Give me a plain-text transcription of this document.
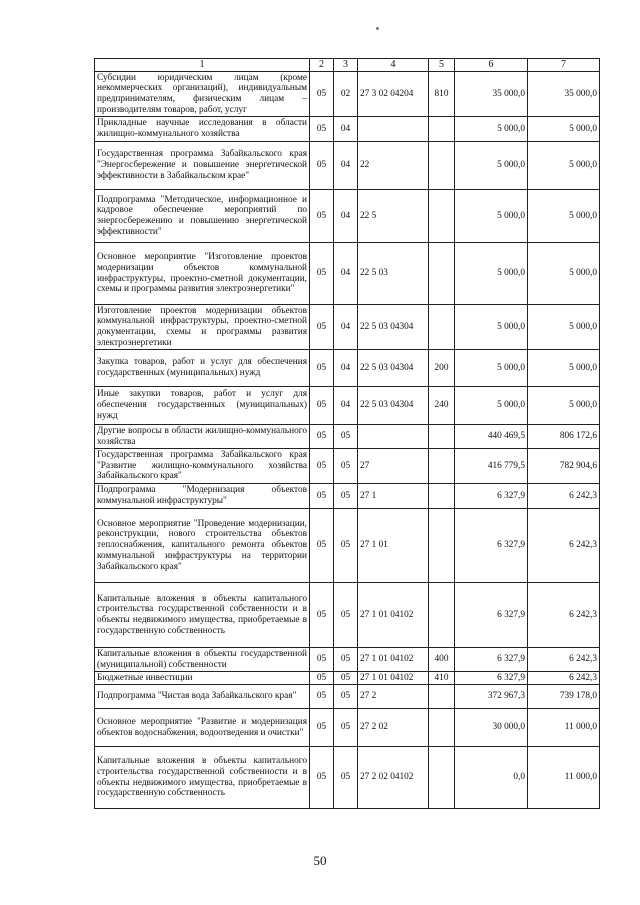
1	2	3	4	5	6	7
Субсидии юридическим лицам (кроме некоммерческих организаций), индивидуальным предпринимателям, физическим лицам – производителям товаров, работ, услуг	05	02	27 3 02 04204	810	35 000,0	35 000,0
Прикладные научные исследования в области жилищно-коммунального хозяйства	05	04			5 000,0	5 000,0
Государственная программа Забайкальского края "Энергосбережение и повышение энергетической эффективности в Забайкальском крае"	05	04	22		5 000,0	5 000,0
Подпрограмма "Методическое, информационное и кадровое обеспечение мероприятий по энергосбережению и повышению энергетической эффективности"	05	04	22 5		5 000,0	5 000,0
Основное мероприятие "Изготовление проектов модернизации объектов коммунальной инфраструктуры, проектно-сметной документации, схемы и программы развития электроэнергетики"	05	04	22 5 03		5 000,0	5 000,0
Изготовление проектов модернизации объектов коммунальной инфраструктуры, проектно-сметной документации, схемы и программы развития электроэнергетики	05	04	22 5 03 04304		5 000,0	5 000,0
Закупка товаров, работ и услуг для обеспечения государственных (муниципальных) нужд	05	04	22 5 03 04304	200	5 000,0	5 000,0
Иные закупки товаров, работ и услуг для обеспечения государственных (муниципальных) нужд	05	04	22 5 03 04304	240	5 000,0	5 000,0
Другие вопросы в области жилищно-коммунального хозяйства	05	05			440 469,5	806 172,6
Государственная программа Забайкальского края "Развитие жилищно-коммунального хозяйства Забайкальского края"	05	05	27		416 779,5	782 904,6
Подпрограмма "Модернизация объектов коммунальной инфраструктуры"	05	05	27 1		6 327,9	6 242,3
Основное мероприятие "Проведение модернизации, реконструкции, нового строительства объектов теплоснабжения, капитального ремонта объектов коммунальной инфраструктуры на территории Забайкальского края"	05	05	27 1 01		6 327,9	6 242,3
Капитальные вложения в объекты капитального строительства государственной собственности и в объекты недвижимого имущества, приобретаемые в государственную собственность	05	05	27 1 01 04102		6 327,9	6 242,3
Капитальные вложения в объекты государственной (муниципальной) собственности	05	05	27 1 01 04102	400	6 327,9	6 242,3
Бюджетные инвестиции	05	05	27 1 01 04102	410	6 327,9	6 242,3
Подпрограмма "Чистая вода Забайкальского края"	05	05	27 2		372 967,3	739 178,0
Основное мероприятие "Развитие и модернизация объектов водоснабжения, водоотведения и очистки"	05	05	27 2 02		30 000,0	11 000,0
Капитальные вложения в объекты капитального строительства государственной собственности и в объекты недвижимого имущества, приобретаемые в государственную собственность	05	05	27 2 02 04102		0,0	11 000,0
50
